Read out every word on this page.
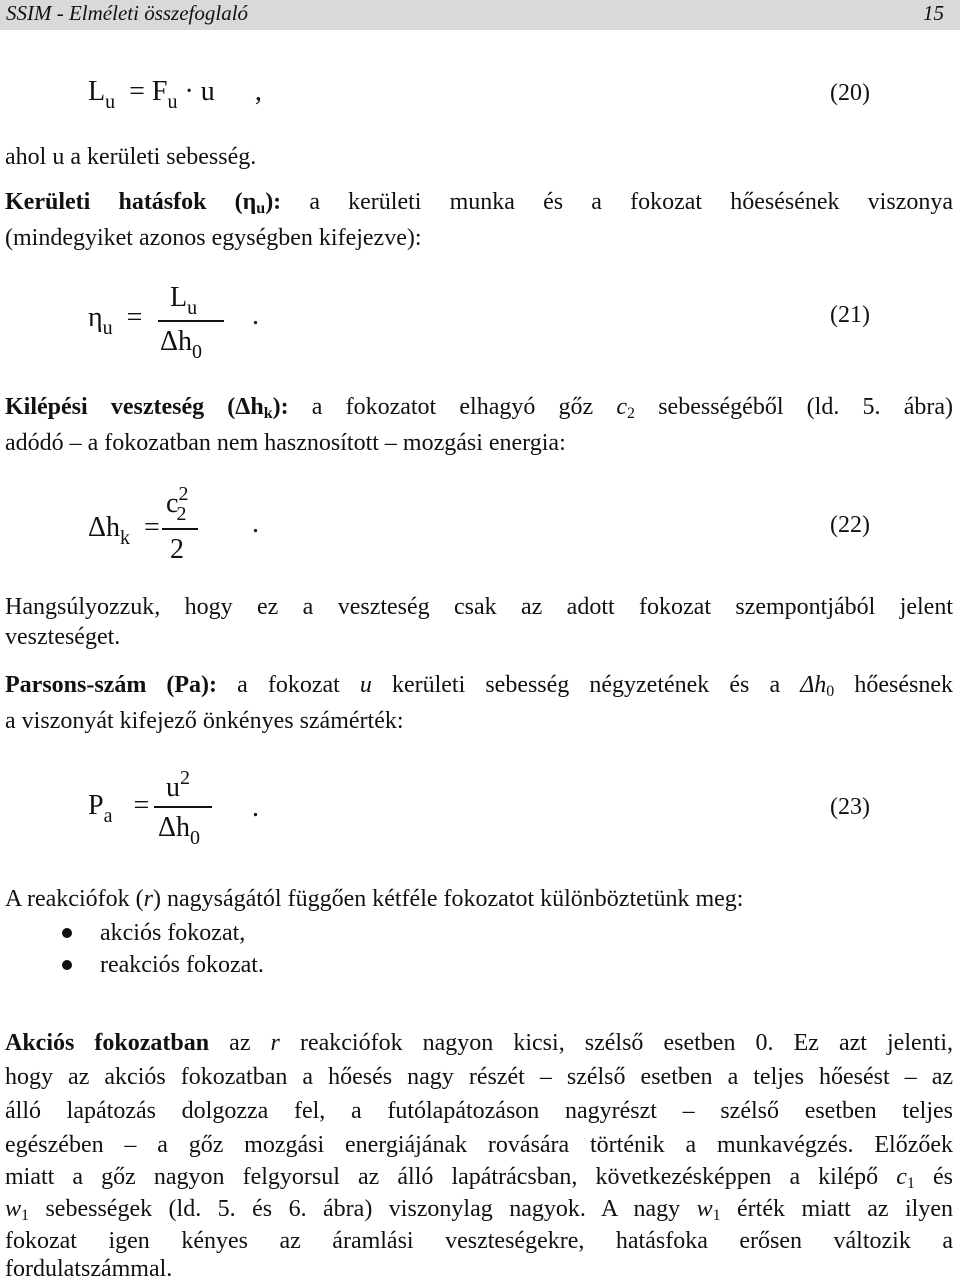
SSIM - Elméleti összefoglaló	15
$L_u = F_u \cdot u$ ,	(20)
ahol u a kerületi sebesség.
Kerületi hatásfok (ηu): a kerületi munka és a fokozat hőesésének viszonya
(mindegyiket azonos egységben kifejezve):
$\eta_u$  =
$L_u$
$\Delta h_0$
.	(21)
Kilépési veszteség (Δhk): a fokozatot elhagyó gőz c2 sebességéből (ld. 5. ábra)
adódó – a fokozatban nem hasznosított – mozgási energia:
$\Delta h_k$  =
$c^2_2$
2
.	(22)
Hangsúlyozzuk, hogy ez a veszteség csak az adott fokozat szempontjából jelent
veszteséget.
Parsons-szám (Pa): a fokozat u kerületi sebesség négyzetének és a Δh0 hőesésnek
a viszonyát kifejező önkényes számérték:
$P_a$   =
$u^2$
$\Delta h_0$
.	(23)
A reakciófok (r) nagyságától függően kétféle fokozatot különböztetünk meg:
akciós fokozat,
reakciós fokozat.
Akciós fokozatban az r reakciófok nagyon kicsi, szélső esetben 0. Ez azt jelenti,
hogy az akciós fokozatban a hőesés nagy részét – szélső esetben a teljes hőesést – az
álló lapátozás dolgozza fel, a futólapátozáson nagyrészt – szélső esetben teljes
egészében – a gőz mozgási energiájának rovására történik a munkavégzés. Előzőek
miatt a gőz nagyon felgyorsul az álló lapátrácsban, következésképpen a kilépő c1 és
w1 sebességek (ld. 5. és 6. ábra) viszonylag nagyok. A nagy w1 érték miatt az ilyen
fokozat igen kényes az áramlási veszteségekre, hatásfoka erősen változik a
fordulatszámmal.
